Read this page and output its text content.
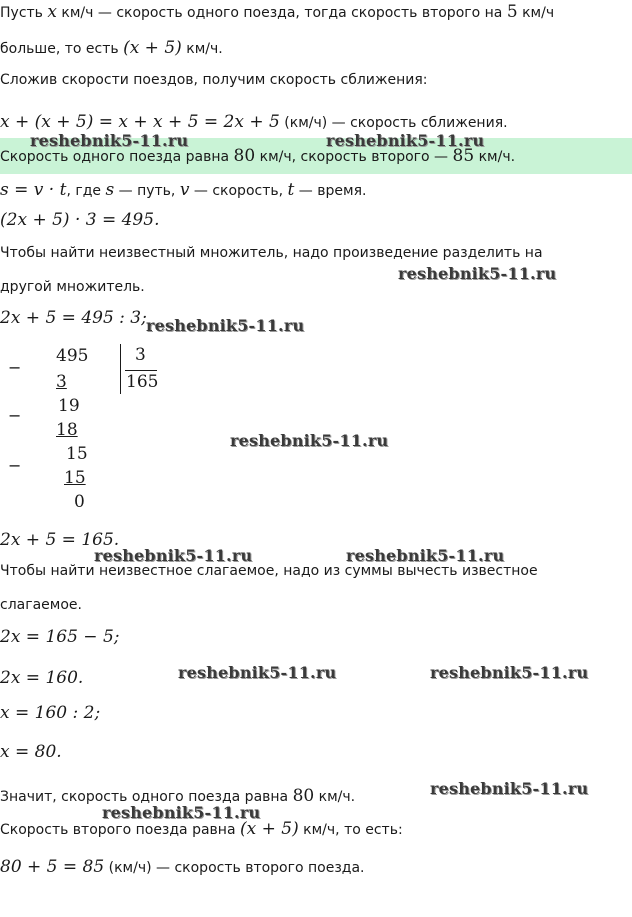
Пусть x км/ч — скорость одного поезда, тогда скорость второго на 5 км/ч
больше, то есть (x + 5) км/ч.
Сложив скорости поездов, получим скорость сближения:
x + (x + 5) = x + x + 5 = 2x + 5 (км/ч) — скорость сближения.
Скорость одного поезда равна 80 км/ч, скорость второго — 85 км/ч.
s = v · t, где s — путь, v — скорость, t — время.
(2x + 5) · 3 = 495.
Чтобы найти неизвестный множитель, надо произведение разделить на
другой множитель.
2x + 5 = 495 : 3;
−
−
−
495	3
165
3
19
18
15
15
0
2x + 5 = 165.
Чтобы найти неизвестное слагаемое, надо из суммы вычесть известное
слагаемое.
2x = 165 − 5;
2x = 160.
x = 160 : 2;
x = 80.
Значит, скорость одного поезда равна 80 км/ч.
Скорость второго поезда равна (x + 5) км/ч, то есть:
80 + 5 = 85 (км/ч) — скорость второго поезда.
reshebnik5-11.ru	reshebnik5-11.ru
reshebnik5-11.ru
reshebnik5-11.ru
reshebnik5-11.ru
reshebnik5-11.ru	reshebnik5-11.ru
reshebnik5-11.ru	reshebnik5-11.ru
reshebnik5-11.ru
reshebnik5-11.ru
